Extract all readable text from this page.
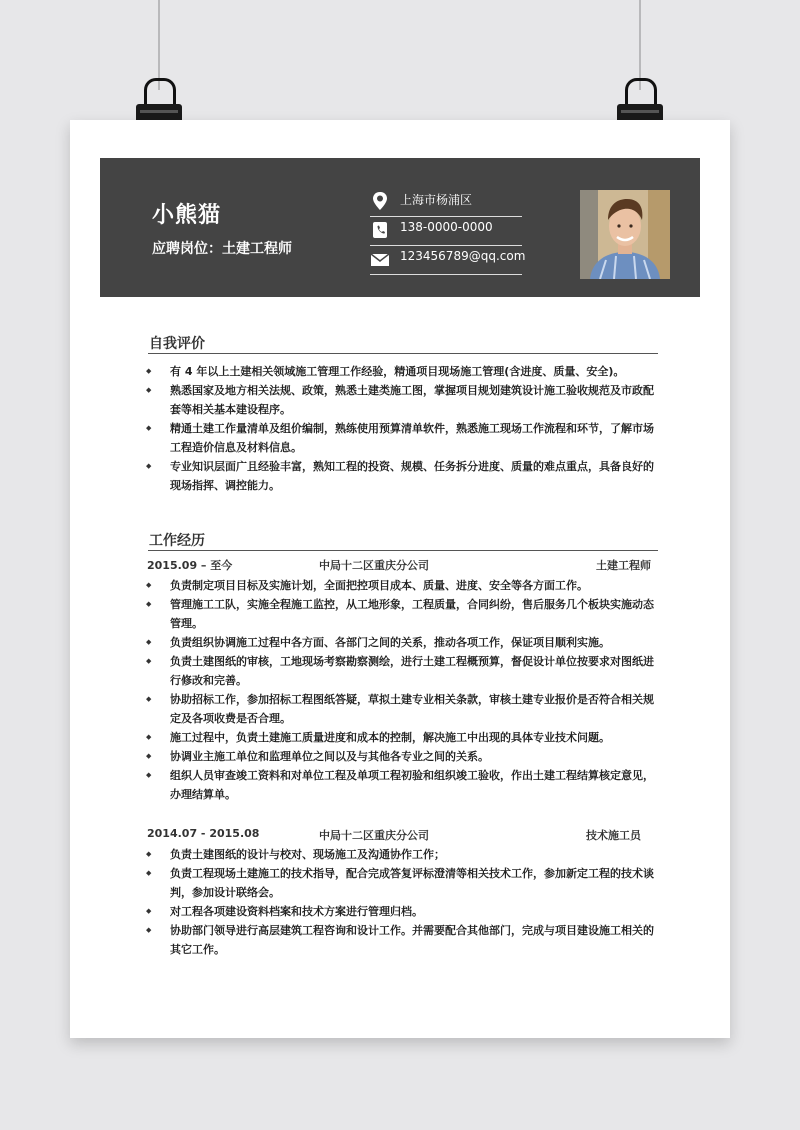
小熊猫
应聘岗位：土建工程师
上海市杨浦区
138-0000-0000
123456789@qq.com
自我评价
◆ 有 4 年以上土建相关领域施工管理工作经验，精通项目现场施工管理(含进度、质量、安全)。
◆ 熟悉国家及地方相关法规、政策，熟悉土建类施工图，掌握项目规划建筑设计施工验收规范及市政配套等相关基本建设程序。
◆ 精通土建工作量清单及组价编制，熟练使用预算清单软件，熟悉施工现场工作流程和环节，了解市场工程造价信息及材料信息。
◆ 专业知识层面广且经验丰富，熟知工程的投资、规模、任务拆分进度、质量的难点重点，具备良好的现场指挥、调控能力。
工作经历
2015.09 – 至今	中局十二区重庆分公司	土建工程师
◆ 负责制定项目目标及实施计划，全面把控项目成本、质量、进度、安全等各方面工作。
◆ 管理施工工队，实施全程施工监控，从工地形象，工程质量，合同纠纷，售后服务几个板块实施动态管理。
◆ 负责组织协调施工过程中各方面、各部门之间的关系，推动各项工作，保证项目顺利实施。
◆ 负责土建图纸的审核，工地现场考察勘察测绘，进行土建工程概预算，督促设计单位按要求对图纸进行修改和完善。
◆ 协助招标工作，参加招标工程图纸答疑，草拟土建专业相关条款，审核土建专业报价是否符合相关规定及各项收费是否合理。
◆ 施工过程中，负责土建施工质量进度和成本的控制，解决施工中出现的具体专业技术问题。
◆ 协调业主施工单位和监理单位之间以及与其他各专业之间的关系。
◆ 组织人员审查竣工资料和对单位工程及单项工程初验和组织竣工验收，作出土建工程结算核定意见，办理结算单。
2014.07 - 2015.08	中局十二区重庆分公司	技术施工员
◆ 负责土建图纸的设计与校对、现场施工及沟通协作工作；
◆ 负责工程现场土建施工的技术指导，配合完成答复评标澄清等相关技术工作，参加新定工程的技术谈判，参加设计联络会。
◆ 对工程各项建设资料档案和技术方案进行管理归档。
◆ 协助部门领导进行高层建筑工程咨询和设计工作。并需要配合其他部门，完成与项目建设施工相关的其它工作。
